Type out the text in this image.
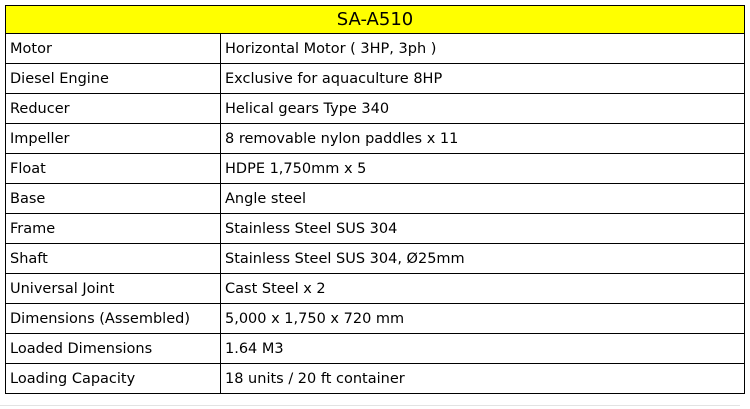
SA-A510	
Motor	Horizontal Motor ( 3HP, 3ph )
Diesel Engine	Exclusive for aquaculture 8HP
Reducer	Helical gears Type 340
Impeller	8 removable nylon paddles x 11
Float	HDPE 1,750mm x 5
Base	Angle steel
Frame	Stainless Steel SUS 304
Shaft	Stainless Steel SUS 304, Ø25mm
Universal Joint	Cast Steel x 2
Dimensions (Assembled)	5,000 x 1,750 x 720 mm
Loaded Dimensions	1.64 M3
Loading Capacity	18 units / 20 ft container
